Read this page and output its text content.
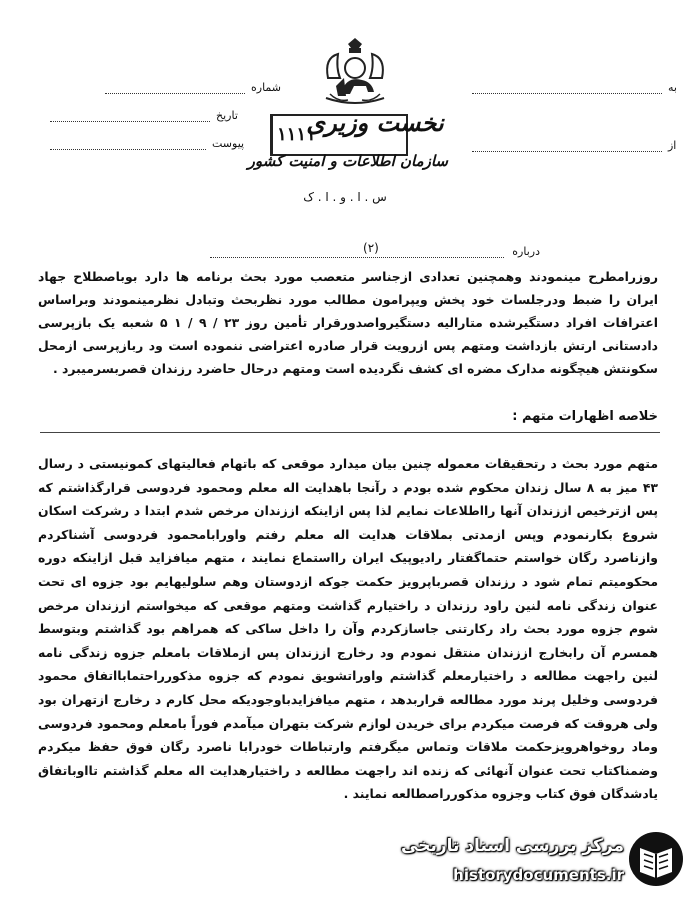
۱۱۱۱
نخست وزیری
سازمان اطلاعات و امنیت کشور
س . ا . و . ا . ک
شماره
تاریخ
پیوست
به
از
درباره
(۲)
روزرامطرح مینمودند وهمچنین تعدادی ازجناسر متعصب مورد بحث برنامه ها دارد بوباصطلاح جهاد ایران را ضبط ودرجلسات خود پخش ویپرامون مطالب مورد نظربحث وتبادل نظرمینمودند وبراساس اعترافات افراد دستگیرشده متارالیه دستگیرواصدورقرار تأمین روز ۲۳ / ۹ / ۱ ۵ شعبه یک بازپرسی دادستانی ارتش بازداشت ومتهم پس ازرویت قرار صادره اعتراضی ننموده است ود ربازپرسی ازمحل سکونتش هیچگونه مدارک مضره ای کشف نگردیده است ومتهم درحال حاضرد رزندان قصربسرمیبرد .
خلاصه اظهارات متهم :
متهم مورد بحث د رتحقیقات معموله چنین بیان میدارد موقعی که باتهام فعالیتهای کمونیستی د رسال ۴۳ میز به ۸ سال زندان محکوم شده بودم د رآنجا باهدایت اله معلم ومحمود فردوسی قرارگذاشتم که پس ازترخیص اززندان آنها رااطلاعات نمایم لذا پس ازاینکه اززندان مرخص شدم ابتدا د رشرکت اسکان شروع بکارنمودم وپس ازمدتی بملاقات هدایت اله معلم رفتم واورابامحمود فردوسی آشناکردم وازناصرد رگان خواستم حتماگفتار رادیوپیک ایران رااستماع نمایند ، متهم میافزاید قبل ازاینکه دوره محکومیتم تمام شود د رزندان قصرباپرویز حکمت جوکه ازدوستان وهم سلولیهایم بود جزوه ای تحت عنوان زندگی نامه لنین راود رزندان د راختیارم گذاشت ومتهم موقعی که میخواستم اززندان مرخص شوم جزوه مورد بحث راد رکارتنی جاسازکردم وآن را داخل ساکی که همراهم بود گذاشتم وبتوسط همسرم آن رابخارج اززندان منتقل نمودم ود رخارج اززندان پس ازملاقات بامعلم جزوه زندگی نامه لنین راجهت مطالعه د راختیارمعلم گذاشتم واوراتشویق نمودم که جزوه مذکورراحتمابااتفاق محمود فردوسی وخلیل پرند مورد مطالعه قراربدهد ، متهم میافزایدباوجودیکه محل کارم د رخارج ازتهران بود ولی هروقت که فرصت میکردم برای خریدن لوازم شرکت بتهران میآمدم فوراً بامعلم ومحمود فردوسی وماد روخواهرویزحکمت ملاقات وتماس میگرفتم وارتباطات خودرابا ناصرد رگان فوق حفظ میکردم وضمناکتاب تحت عنوان آنهائی که زنده اند راجهت مطالعه د راختیارهدایت اله معلم گذاشتم تااوباتفاق یادشدگان فوق کتاب وجزوه مذکورراصطالعه نمایند .
مرکز بررسی اسناد تاریخی
historydocuments.ir
